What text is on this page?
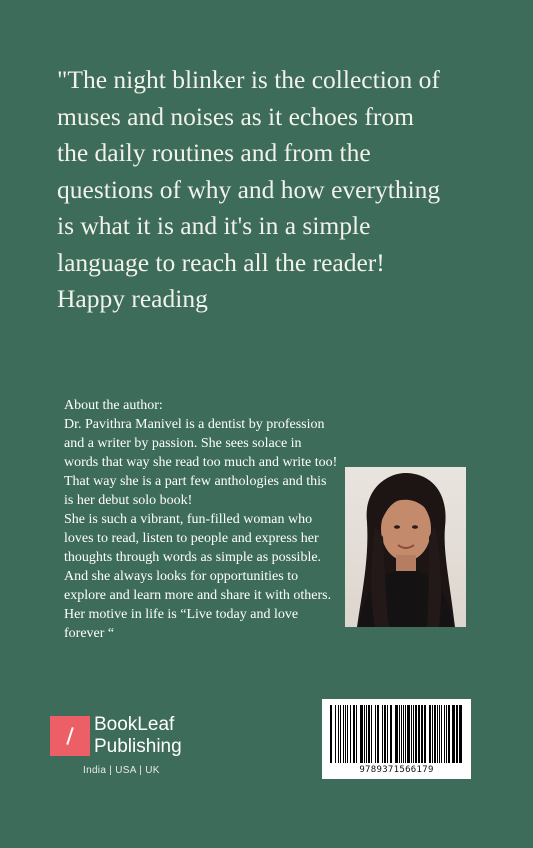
"The night blinker is the collection of
muses and noises as it echoes from
the daily routines and from the
questions of why and how everything
is what it is and it's in a simple
language to reach all the reader!
Happy reading

About the author:

Dr. Pavithra Manivel is a dentist by profession and a writer by passion. She sees solace in words that way she read too much and write too!

That way she is a part few anthologies and this is her debut solo book!

She is such a vibrant, fun-filled woman who loves to read, listen to people and express her thoughts through words as simple as possible. And she always looks for opportunities to explore and learn more and share it with others. Her motive in life is “Live today and love forever “

BookLeaf
Publishing
India | USA | UK	9789371566179
